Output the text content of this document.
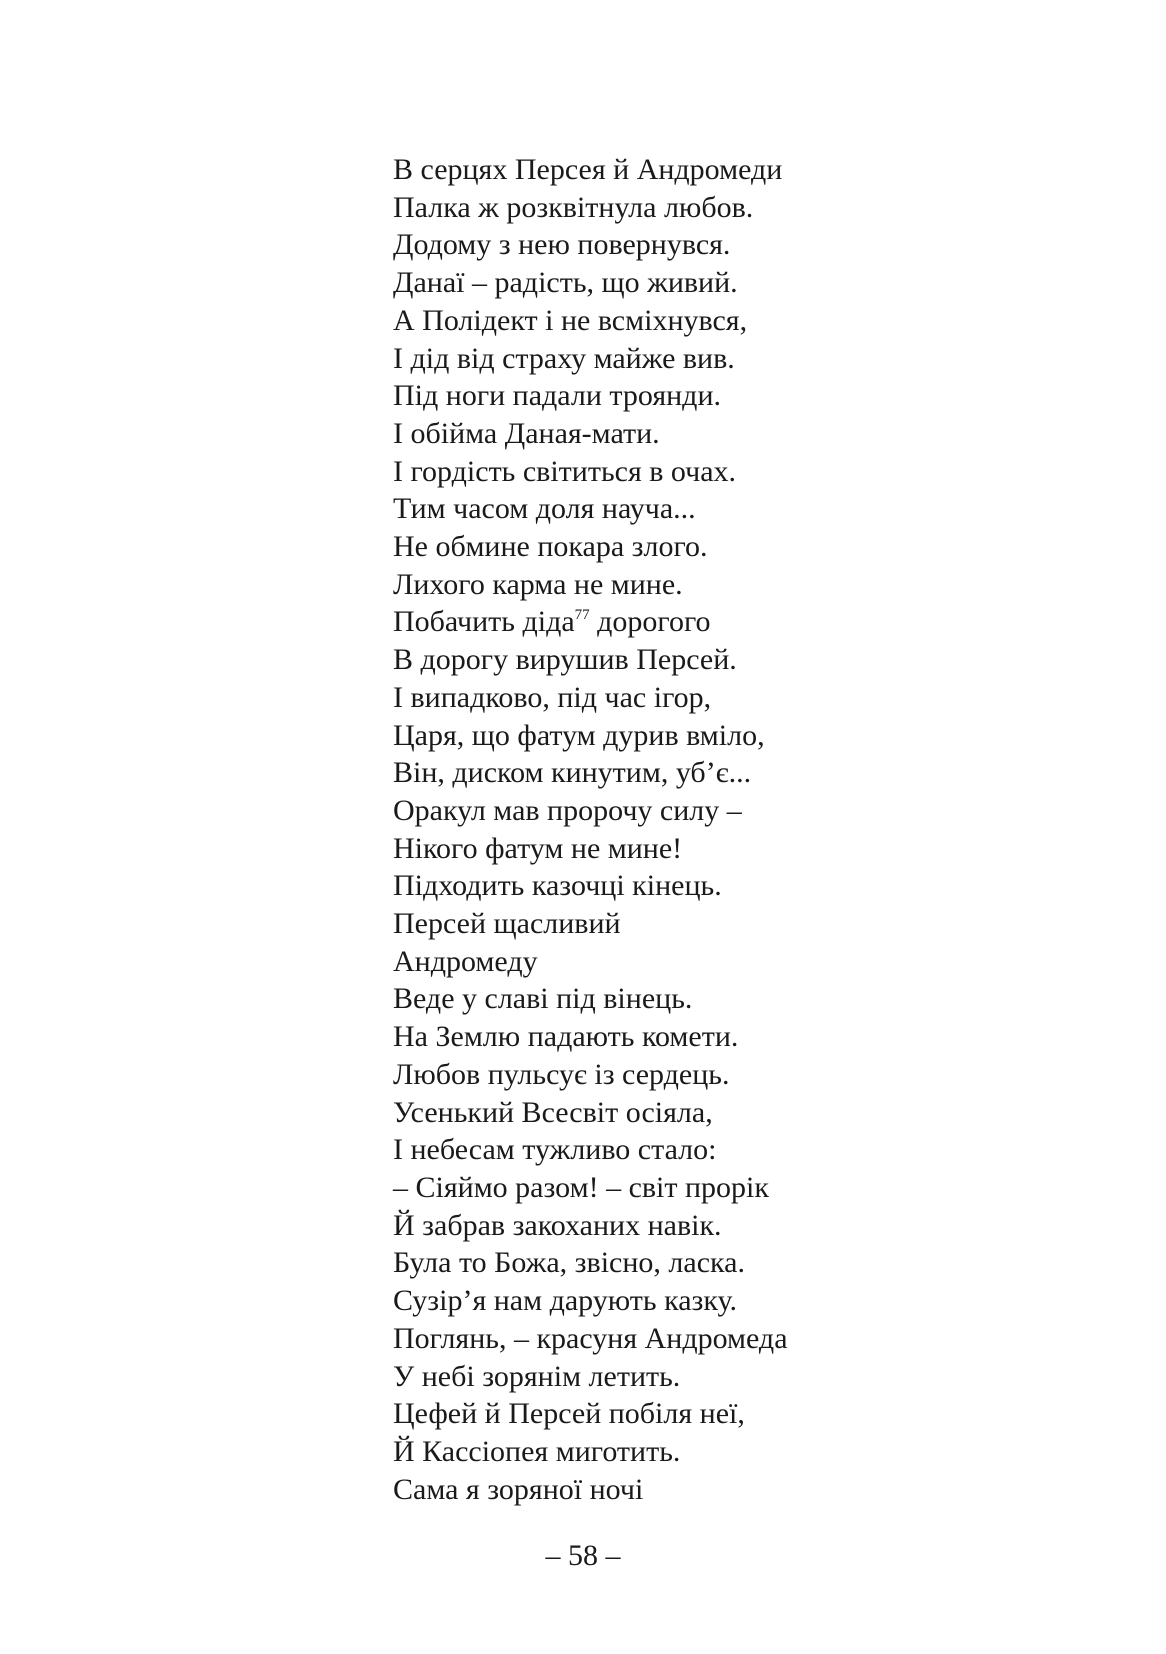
В серцях Персея й Андромеди
Палка ж розквітнула любов.
Додому з нею повернувся.
Данаї – радість, що живий.
А Полідект і не всміхнувся,
І дід від страху майже вив.
Під ноги падали троянди.
І обійма Даная-мати.
І гордість світиться в очах.
Тим часом доля науча...
Не обмине покара злого.
Лихого карма не мине.
Побачить діда$^{77}$ дорогого
В дорогу вирушив Персей.
І випадково, під час ігор,
Царя, що фатум дурив вміло,
Він, диском кинутим, уб’є...
Оракул мав пророчу силу –
Нікого фатум не мине!
Підходить казочці кінець.
Персей щасливий
Андромеду
Веде у славі під вінець.
На Землю падають комети.
Любов пульсує із сердець.
Усенький Всесвіт осіяла,
І небесам тужливо стало:
– Сіяймо разом! – світ прорік
Й забрав закоханих навік.
Була то Божа, звісно, ласка.
Сузір’я нам дарують казку.
Поглянь, – красуня Андромеда
У небі зорянім летить.
Цефей й Персей побіля неї,
Й Кассіопея миготить.
Сама я зоряної ночі
– 58 –
